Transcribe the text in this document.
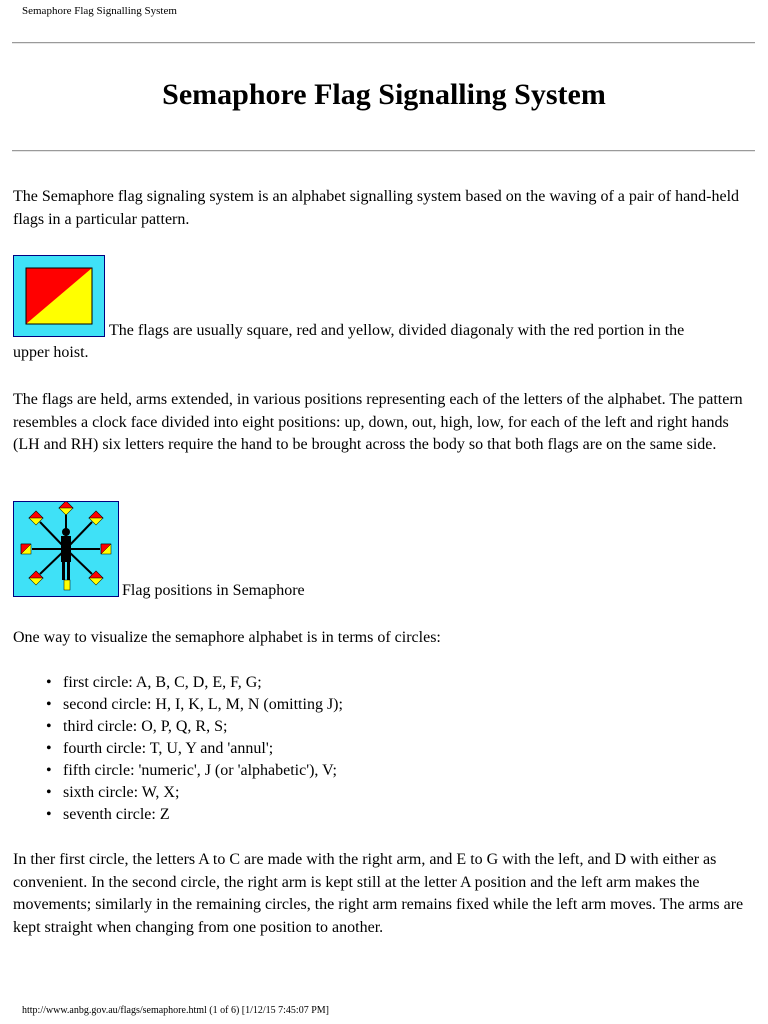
Semaphore Flag Signalling System
Semaphore Flag Signalling System

The Semaphore flag signaling system is an alphabet signalling system based on the waving of a pair of hand-held flags in a particular pattern.

The flags are usually square, red and yellow, divided diagonaly with the red portion in the
upper hoist.

The flags are held, arms extended, in various positions representing each of the letters of the alphabet. The pattern resembles a clock face divided into eight positions: up, down, out, high, low, for each of the left and right hands (LH and RH) six letters require the hand to be brought across the body so that both flags are on the same side.

Flag positions in Semaphore

One way to visualize the semaphore alphabet is in terms of circles:

• first circle: A, B, C, D, E, F, G;
• second circle: H, I, K, L, M, N (omitting J);
• third circle: O, P, Q, R, S;
• fourth circle: T, U, Y and 'annul';
• fifth circle: 'numeric', J (or 'alphabetic'), V;
• sixth circle: W, X;
• seventh circle: Z

In ther first circle, the letters A to C are made with the right arm, and E to G with the left, and D with either as convenient. In the second circle, the right arm is kept still at the letter A position and the left arm makes the movements; similarly in the remaining circles, the right arm remains fixed while the left arm moves. The arms are kept straight when changing from one position to another.

http://www.anbg.gov.au/flags/semaphore.html (1 of 6) [1/12/15 7:45:07 PM]
